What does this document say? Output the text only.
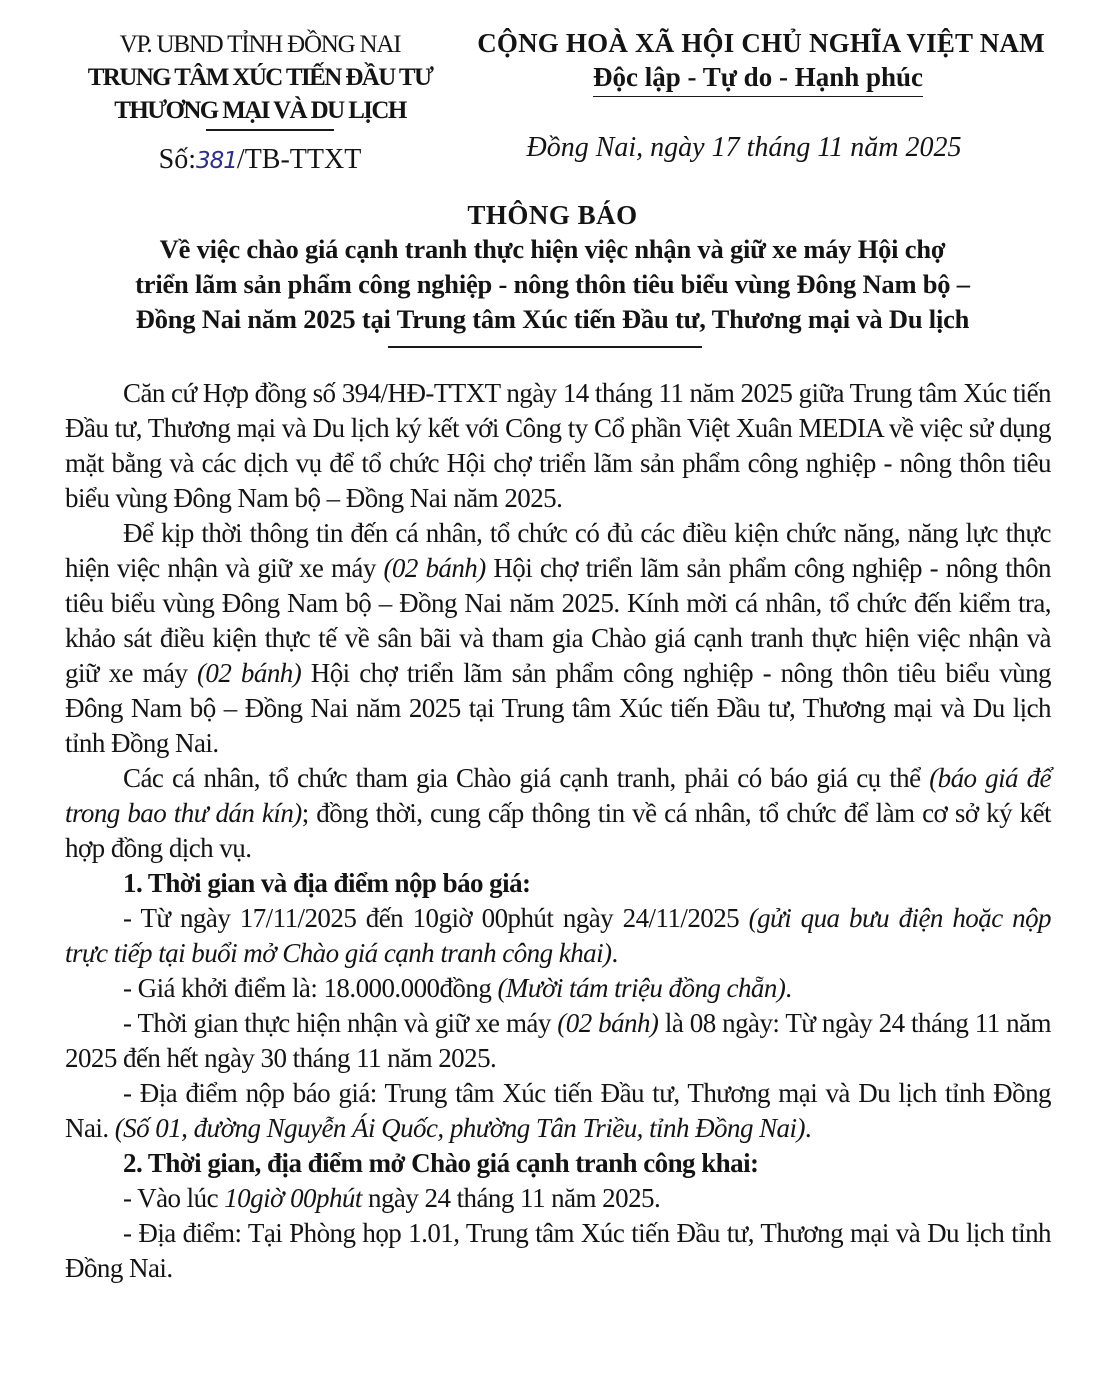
VP. UBND TỈNH ĐỒNG NAI
TRUNG TÂM XÚC TIẾN ĐẦU TƯ
THƯƠNG MẠI VÀ DU LỊCH
Số:381/TB-TTXT
CỘNG HOÀ XÃ HỘI CHỦ NGHĨA VIỆT NAM
Độc lập - Tự do - Hạnh phúc
Đồng Nai, ngày 17 tháng 11 năm 2025
THÔNG BÁO
Về việc chào giá cạnh tranh thực hiện việc nhận và giữ xe máy Hội chợ
triển lãm sản phẩm công nghiệp - nông thôn tiêu biểu vùng Đông Nam bộ –
Đồng Nai năm 2025 tại Trung tâm Xúc tiến Đầu tư, Thương mại và Du lịch

Căn cứ Hợp đồng số 394/HĐ-TTXT ngày 14 tháng 11 năm 2025 giữa Trung tâm Xúc tiến Đầu tư, Thương mại và Du lịch ký kết với Công ty Cổ phần Việt Xuân MEDIA về việc sử dụng mặt bằng và các dịch vụ để tổ chức Hội chợ triển lãm sản phẩm công nghiệp - nông thôn tiêu biểu vùng Đông Nam bộ – Đồng Nai năm 2025.

Để kịp thời thông tin đến cá nhân, tổ chức có đủ các điều kiện chức năng, năng lực thực hiện việc nhận và giữ xe máy (02 bánh) Hội chợ triển lãm sản phẩm công nghiệp - nông thôn tiêu biểu vùng Đông Nam bộ – Đồng Nai năm 2025. Kính mời cá nhân, tổ chức đến kiểm tra, khảo sát điều kiện thực tế về sân bãi và tham gia Chào giá cạnh tranh thực hiện việc nhận và giữ xe máy (02 bánh) Hội chợ triển lãm sản phẩm công nghiệp - nông thôn tiêu biểu vùng Đông Nam bộ – Đồng Nai năm 2025 tại Trung tâm Xúc tiến Đầu tư, Thương mại và Du lịch tỉnh Đồng Nai.

Các cá nhân, tổ chức tham gia Chào giá cạnh tranh, phải có báo giá cụ thể (báo giá để trong bao thư dán kín); đồng thời, cung cấp thông tin về cá nhân, tổ chức để làm cơ sở ký kết hợp đồng dịch vụ.

1. Thời gian và địa điểm nộp báo giá:

- Từ ngày 17/11/2025 đến 10giờ 00phút ngày 24/11/2025 (gửi qua bưu điện hoặc nộp trực tiếp tại buổi mở Chào giá cạnh tranh công khai).

- Giá khởi điểm là: 18.000.000đồng (Mười tám triệu đồng chẵn).

- Thời gian thực hiện nhận và giữ xe máy (02 bánh) là 08 ngày: Từ ngày 24 tháng 11 năm 2025 đến hết ngày 30 tháng 11 năm 2025.

- Địa điểm nộp báo giá: Trung tâm Xúc tiến Đầu tư, Thương mại và Du lịch tỉnh Đồng Nai. (Số 01, đường Nguyễn Ái Quốc, phường Tân Triều, tỉnh Đồng Nai).

2. Thời gian, địa điểm mở Chào giá cạnh tranh công khai:

- Vào lúc 10giờ 00phút ngày 24 tháng 11 năm 2025.

- Địa điểm: Tại Phòng họp 1.01, Trung tâm Xúc tiến Đầu tư, Thương mại và Du lịch tỉnh Đồng Nai.
